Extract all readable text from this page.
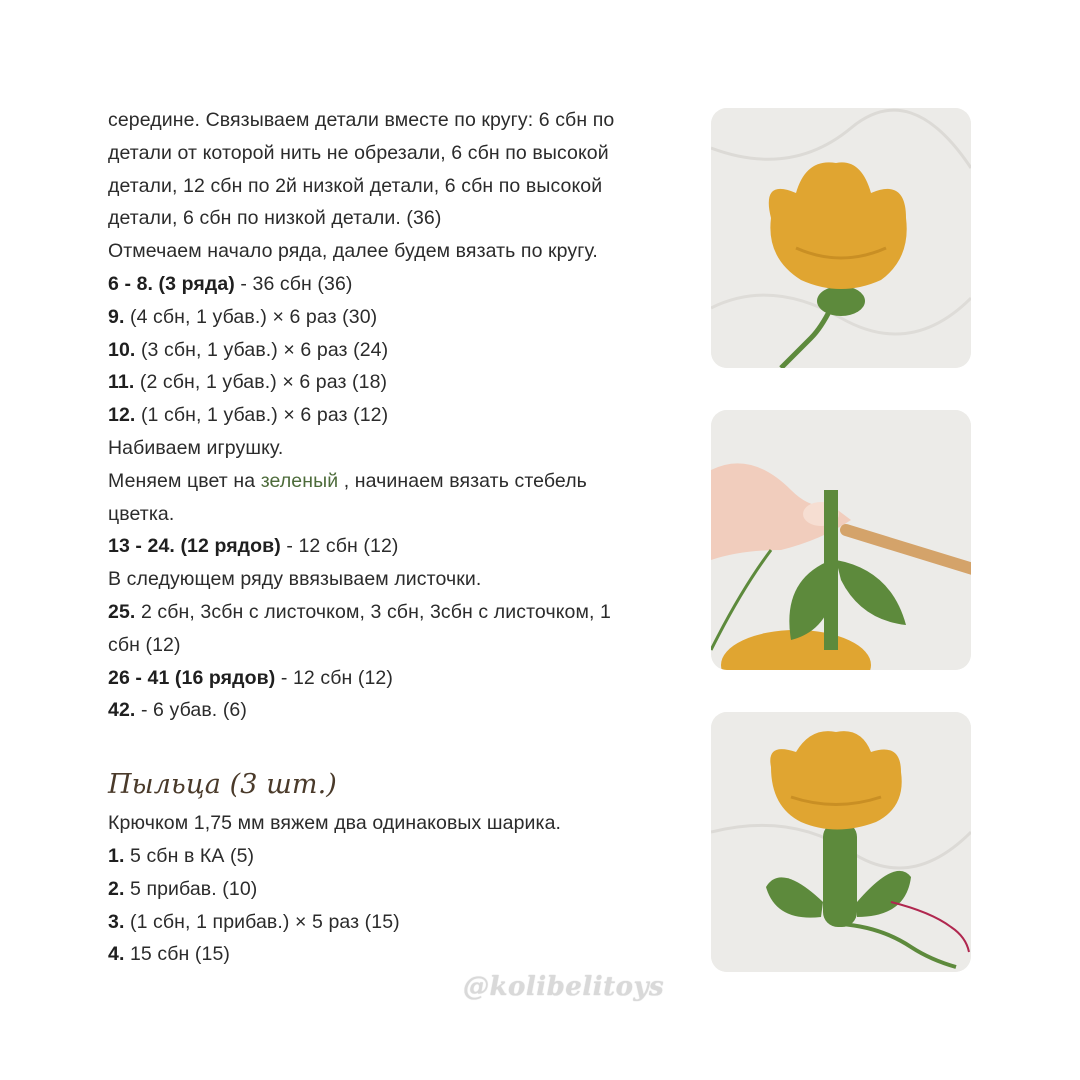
середине. Связываем детали вместе по кругу: 6 сбн по
детали от которой нить не обрезали, 6 сбн по высокой
детали, 12 сбн по 2й низкой детали, 6 сбн по высокой
детали, 6 сбн по низкой детали. (36)
Отмечаем начало ряда, далее будем вязать по кругу.
6 - 8. (3 ряда) - 36 сбн (36)
9. (4 сбн, 1 убав.) × 6 раз (30)
10. (3 сбн, 1 убав.) × 6 раз (24)
11. (2 сбн, 1 убав.) × 6 раз (18)
12. (1 сбн, 1 убав.) × 6 раз (12)
Набиваем игрушку.
Меняем цвет на зеленый , начинаем вязать стебель
цветка.
13 - 24. (12 рядов) - 12 сбн (12)
В следующем ряду ввязываем листочки.
25. 2 сбн, 3сбн с листочком, 3 сбн, 3сбн с листочком, 1
сбн (12)
26 - 41 (16 рядов) - 12 сбн (12)
42. - 6 убав. (6)
Пыльца (3 шт.)
Крючком 1,75 мм вяжем два одинаковых шарика.
1. 5 сбн в КА (5)
2. 5 прибав. (10)
3. (1 сбн, 1 прибав.) × 5 раз (15)
4. 15 сбн (15)
@kolibelitoys
